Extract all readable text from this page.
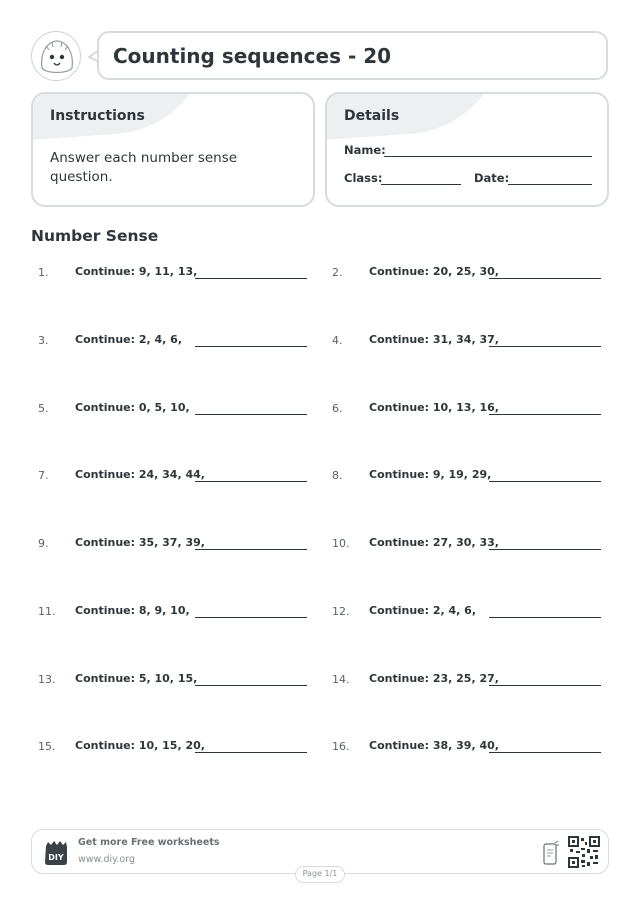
Counting sequences - 20
Instructions
Answer each number sense question.
Details
Name:
Class:	Date:
Number Sense
1. Continue: 9, 11, 13,	2. Continue: 20, 25, 30,
3. Continue: 2, 4, 6,	4. Continue: 31, 34, 37,
5. Continue: 0, 5, 10,	6. Continue: 10, 13, 16,
7. Continue: 24, 34, 44,	8. Continue: 9, 19, 29,
9. Continue: 35, 37, 39,	10. Continue: 27, 30, 33,
11. Continue: 8, 9, 10,	12. Continue: 2, 4, 6,
13. Continue: 5, 10, 15,	14. Continue: 23, 25, 27,
15. Continue: 10, 15, 20,	16. Continue: 38, 39, 40,
DIY
Get more Free worksheets
www.diy.org
Page 1/1
